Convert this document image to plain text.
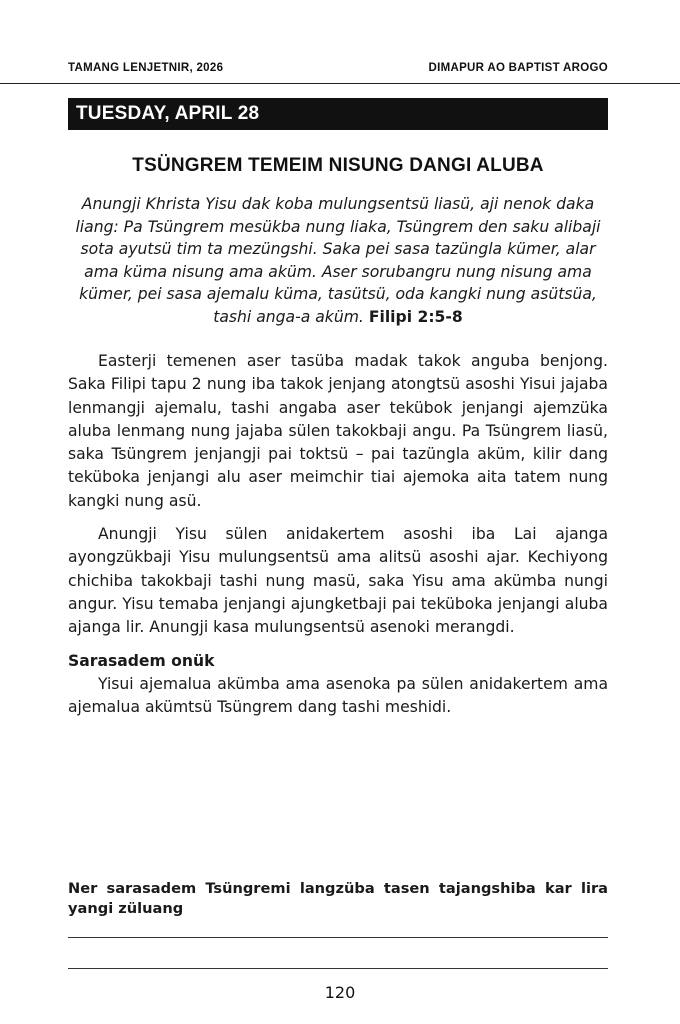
TAMANG LENJETNIR, 2026	DIMAPUR AO BAPTIST AROGO
TUESDAY, APRIL 28
TSÜNGREM TEMEIM NISUNG DANGI ALUBA
Anungji Khrista Yisu dak koba mulungsentsü liasü, aji nenok daka liang: Pa Tsüngrem mesükba nung liaka, Tsüngrem den saku alibaji sota ayutsü tim ta mezüngshi. Saka pei sasa tazüngla kümer, alar ama küma nisung ama aküm. Aser sorubangru nung nisung ama kümer, pei sasa ajemalu küma, tasütsü, oda kangki nung asütsüa, tashi anga-a aküm. Filipi 2:5-8

Easterji temenen aser tasüba madak takok anguba benjong. Saka Filipi tapu 2 nung iba takok jenjang atongtsü asoshi Yisui jajaba lenmangji ajemalu, tashi angaba aser tekübok jenjangi ajemzüka aluba lenmang nung jajaba sülen takokbaji angu. Pa Tsüngrem liasü, saka Tsüngrem jenjangji pai toktsü – pai tazüngla aküm, kilir dang teküboka jenjangi alu aser meimchir tiai ajemoka aita tatem nung kangki nung asü.

Anungji Yisu sülen anidakertem asoshi iba Lai ajanga ayongzükbaji Yisu mulungsentsü ama alitsü asoshi ajar. Kechiyong chichiba takokbaji tashi nung masü, saka Yisu ama akümba nungi angur. Yisu temaba jenjangi ajungketbaji pai teküboka jenjangi aluba ajanga lir. Anungji kasa mulungsentsü asenoki merangdi.

Sarasadem onük

Yisui ajemalua akümba ama asenoka pa sülen anidakertem ama ajemalua akümtsü Tsüngrem dang tashi meshidi.

Ner sarasadem Tsüngremi langzüba tasen tajangshiba kar lira yangi züluang
120
